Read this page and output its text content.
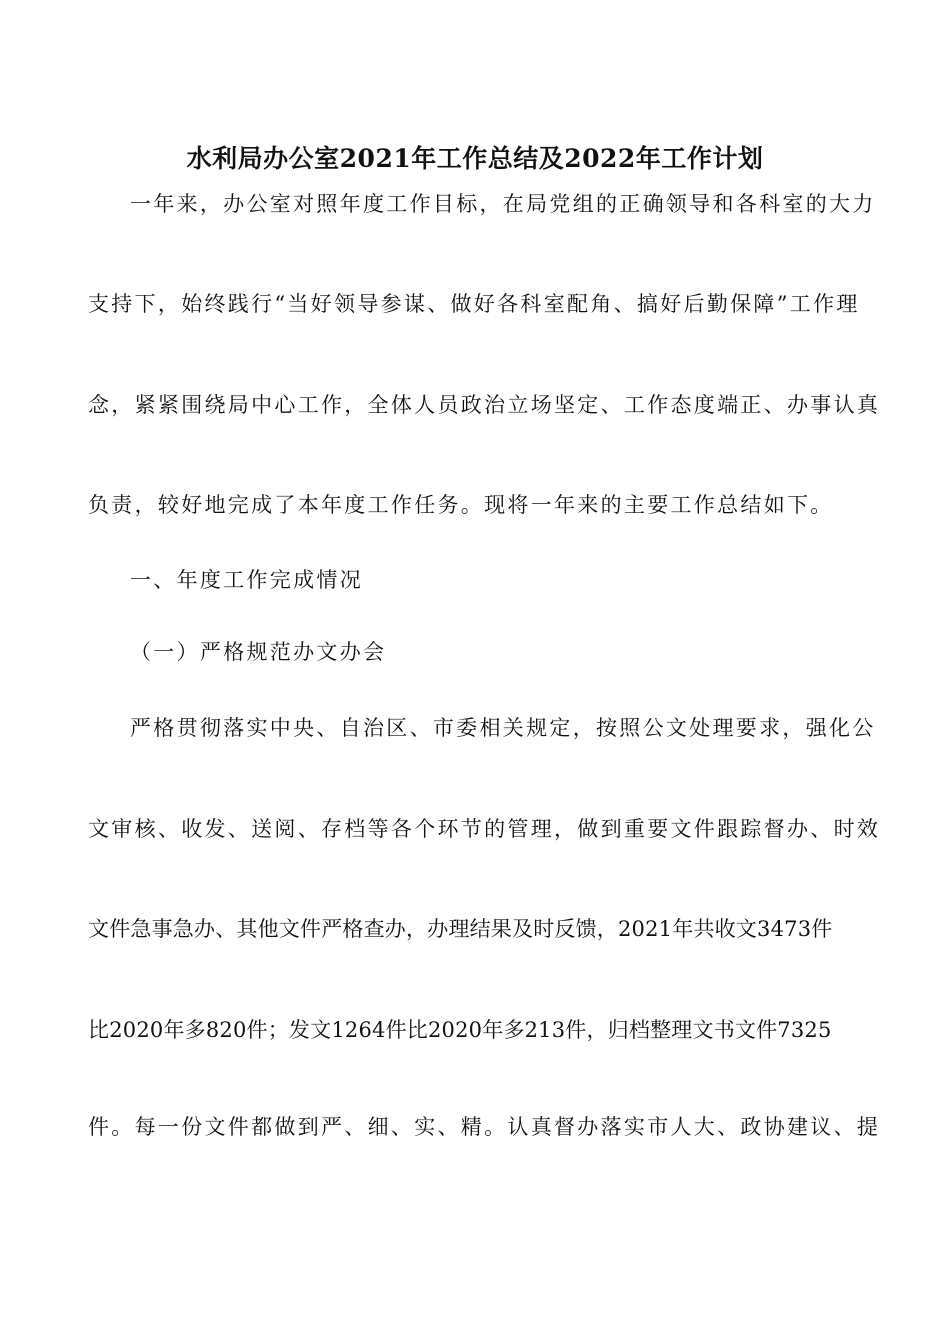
水利局办公室2021年工作总结及2022年工作计划
一年来，办公室对照年度工作目标，在局党组的正确领导和各科室的大力
支持下，始终践行“当好领导参谋、做好各科室配角、搞好后勤保障”工作理
念，紧紧围绕局中心工作，全体人员政治立场坚定、工作态度端正、办事认真
负责，较好地完成了本年度工作任务。现将一年来的主要工作总结如下。
一、年度工作完成情况
（一）严格规范办文办会
严格贯彻落实中央、自治区、市委相关规定，按照公文处理要求，强化公
文审核、收发、送阅、存档等各个环节的管理，做到重要文件跟踪督办、时效
文件急事急办、其他文件严格查办，办理结果及时反馈，2021年共收文3473件
比2020年多820件；发文1264件比2020年多213件，归档整理文书文件7325
件。每一份文件都做到严、细、实、精。认真督办落实市人大、政协建议、提
